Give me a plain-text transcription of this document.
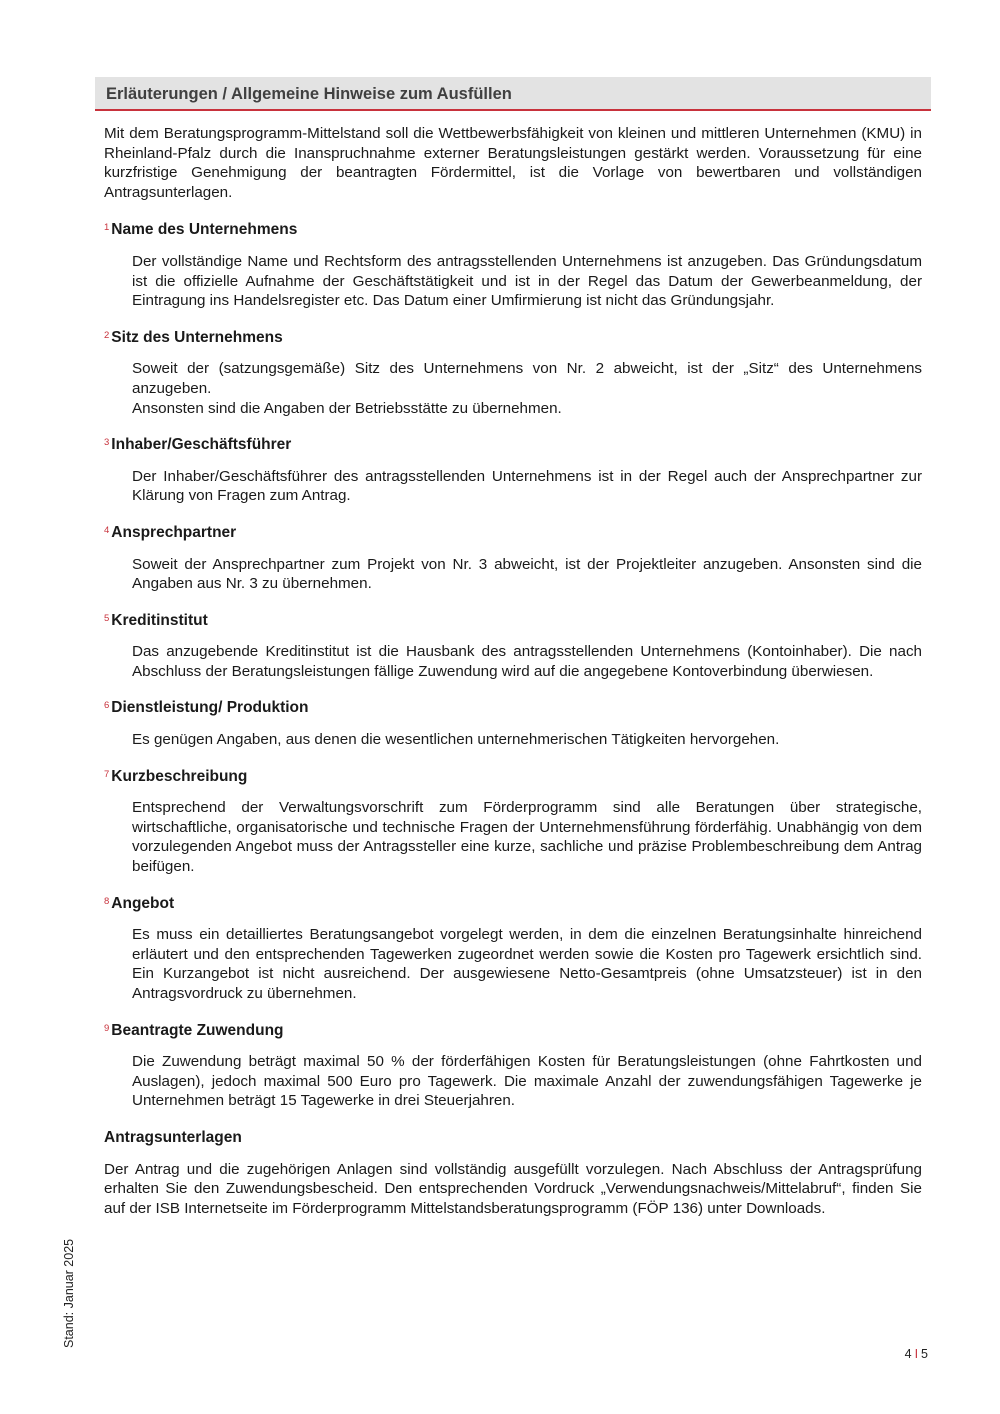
Erläuterungen / Allgemeine Hinweise zum Ausfüllen

Mit dem Beratungsprogramm-Mittelstand soll die Wettbewerbsfähigkeit von kleinen und mittleren Unternehmen (KMU) in Rheinland-Pfalz durch die Inanspruchnahme externer Beratungsleistungen gestärkt werden. Voraussetzung für eine kurzfristige Genehmigung der beantragten Fördermittel, ist die Vorlage von bewertbaren und vollständigen Antragsunterlagen.

$^1$ Name des Unternehmens

Der vollständige Name und Rechtsform des antragsstellenden Unternehmens ist anzugeben. Das Gründungsdatum ist die offizielle Aufnahme der Geschäftstätigkeit und ist in der Regel das Datum der Gewerbeanmeldung, der Eintragung ins Handelsregister etc. Das Datum einer Umfirmierung ist nicht das Gründungsjahr.

$^2$ Sitz des Unternehmens

Soweit der (satzungsgemäße) Sitz des Unternehmens von Nr. 2 abweicht, ist der „Sitz“ des Unternehmens anzugeben.

Ansonsten sind die Angaben der Betriebsstätte zu übernehmen.

$^3$ Inhaber/Geschäftsführer

Der Inhaber/Geschäftsführer des antragsstellenden Unternehmens ist in der Regel auch der Ansprechpartner zur Klärung von Fragen zum Antrag.

$^4$ Ansprechpartner

Soweit der Ansprechpartner zum Projekt von Nr. 3 abweicht, ist der Projektleiter anzugeben. Ansonsten sind die Angaben aus Nr. 3 zu übernehmen.

$^5$ Kreditinstitut

Das anzugebende Kreditinstitut ist die Hausbank des antragsstellenden Unternehmens (Kontoinhaber). Die nach Abschluss der Beratungsleistungen fällige Zuwendung wird auf die angegebene Kontoverbindung überwiesen.

$^6$ Dienstleistung/ Produktion

Es genügen Angaben, aus denen die wesentlichen unternehmerischen Tätigkeiten hervorgehen.

$^7$ Kurzbeschreibung

Entsprechend der Verwaltungsvorschrift zum Förderprogramm sind alle Beratungen über strategische, wirtschaftliche, organisatorische und technische Fragen der Unternehmensführung förderfähig. Unabhängig von dem vorzulegenden Angebot muss der Antragssteller eine kurze, sachliche und präzise Problembeschreibung dem Antrag beifügen.

$^8$ Angebot

Es muss ein detailliertes Beratungsangebot vorgelegt werden, in dem die einzelnen Beratungsinhalte hinreichend erläutert und den entsprechenden Tagewerken zugeordnet werden sowie die Kosten pro Tagewerk ersichtlich sind. Ein Kurzangebot ist nicht ausreichend. Der ausgewiesene Netto-Gesamtpreis (ohne Umsatzsteuer) ist in den Antragsvordruck zu übernehmen.

$^9$ Beantragte Zuwendung

Die Zuwendung beträgt maximal 50 % der förderfähigen Kosten für Beratungsleistungen (ohne Fahrtkosten und Auslagen), jedoch maximal 500 Euro pro Tagewerk. Die maximale Anzahl der zuwendungsfähigen Tagewerke je Unternehmen beträgt 15 Tagewerke in drei Steuerjahren.

Antragsunterlagen

Der Antrag und die zugehörigen Anlagen sind vollständig ausgefüllt vorzulegen. Nach Abschluss der Antragsprüfung erhalten Sie den Zuwendungsbescheid. Den entsprechenden Vordruck „Verwendungsnachweis/Mittelabruf“, finden Sie auf der ISB Internetseite im Förderprogramm Mittelstandsberatungsprogramm (FÖP 136) unter Downloads.

Stand: Januar 2025
4 I 5
